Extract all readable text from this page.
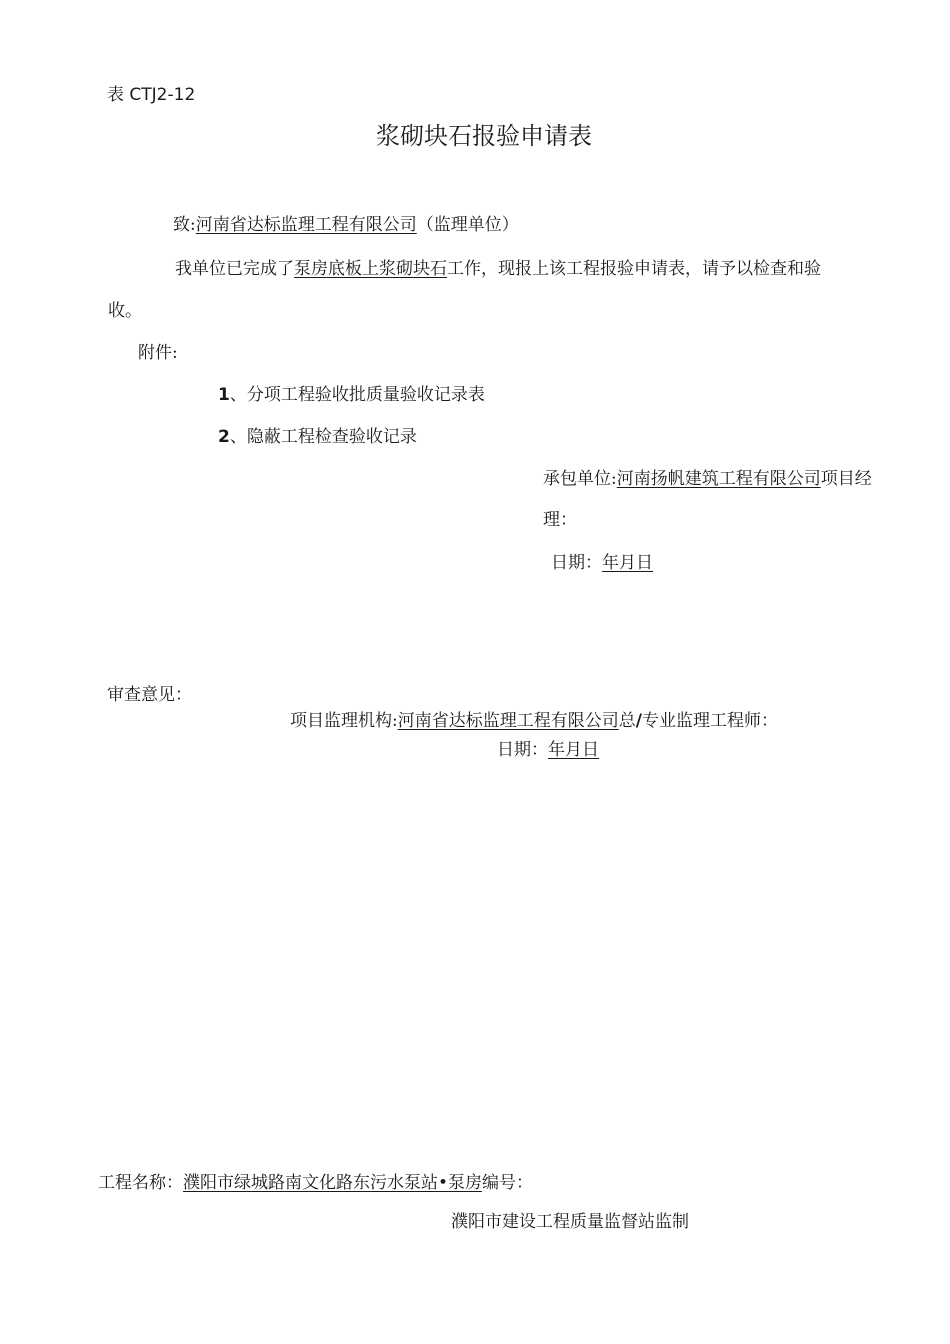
表 CTJ2-12
浆砌块石报验申请表
致:河南省达标监理工程有限公司（监理单位）
我单位已完成了泵房底板上浆砌块石工作，现报上该工程报验申请表，请予以检查和验
收。
附件:
1、分项工程验收批质量验收记录表
2、隐蔽工程检查验收记录
承包单位:河南扬帆建筑工程有限公司项目经
理：
日期：年月日
审查意见：
项目监理机构:河南省达标监理工程有限公司总/专业监理工程师：
日期：年月日
工程名称：濮阳市绿城路南文化路东污水泵站•泵房编号：
濮阳市建设工程质量监督站监制
